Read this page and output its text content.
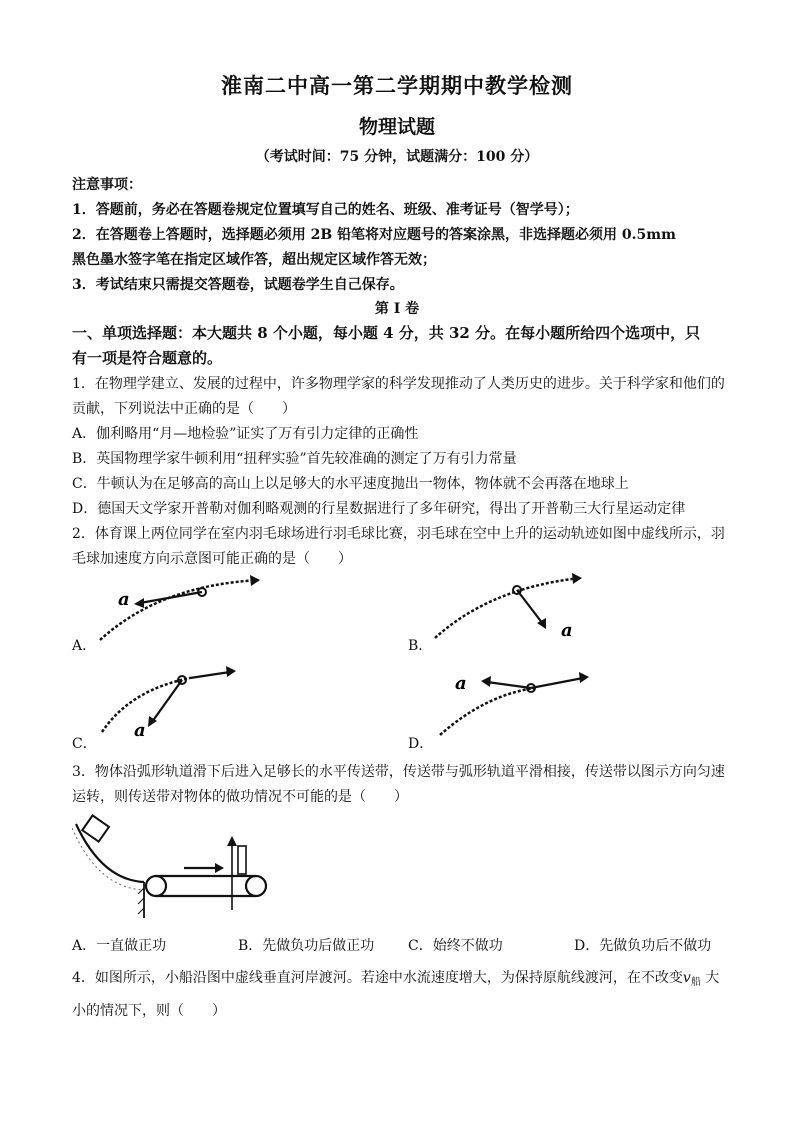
淮南二中高一第二学期期中教学检测
物理试题
（考试时间：75 分钟，试题满分：100 分）
注意事项：
1．答题前，务必在答题卷规定位置填写自己的姓名、班级、准考证号（智学号）；
2．在答题卷上答题时，选择题必须用 2B 铅笔将对应题号的答案涂黑，非选择题必须用 0.5mm
黑色墨水签字笔在指定区域作答，超出规定区域作答无效；
3．考试结束只需提交答题卷，试题卷学生自己保存。
第 I 卷
一、单项选择题：本大题共 8 个小题，每小题 4 分，共 32 分。在每小题所给四个选项中，只
有一项是符合题意的。
1．在物理学建立、发展的过程中，许多物理学家的科学发现推动了人类历史的进步。关于科学家和他们的
贡献，下列说法中正确的是（　　）
A．伽利略用“月—地检验”证实了万有引力定律的正确性
B．英国物理学家牛顿利用“扭秤实验”首先较准确的测定了万有引力常量
C．牛顿认为在足够高的高山上以足够大的水平速度抛出一物体，物体就不会再落在地球上
D．德国天文学家开普勒对伽利略观测的行星数据进行了多年研究，得出了开普勒三大行星运动定律
2．体育课上两位同学在室内羽毛球场进行羽毛球比赛，羽毛球在空中上升的运动轨迹如图中虚线所示，羽
毛球加速度方向示意图可能正确的是（　　）
A．
a
B．
a
C．
a
D．
a
3．物体沿弧形轨道滑下后进入足够长的水平传送带，传送带与弧形轨道平滑相接，传送带以图示方向匀速
运转，则传送带对物体的做功情况不可能的是（　　）
A．一直做正功	B．先做负功后做正功 C．始终不做功	D．先做负功后不做功
4．如图所示，小船沿图中虚线垂直河岸渡河。若途中水流速度增大，为保持原航线渡河，在不改变$v_船$ 大
小的情况下，则（　　）
